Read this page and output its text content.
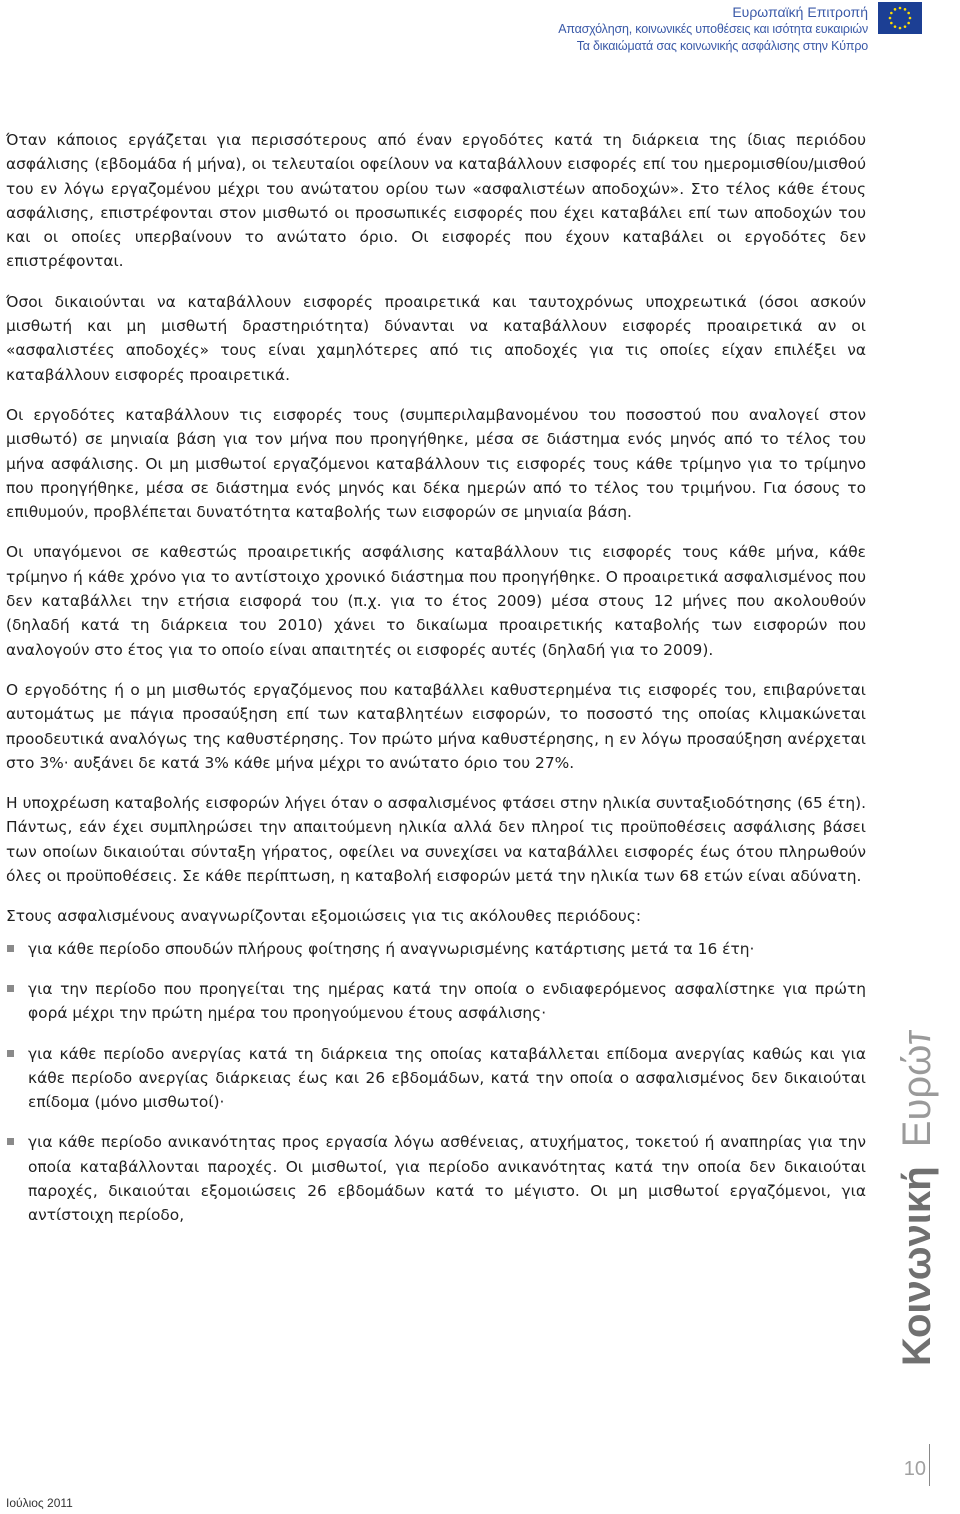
Ευρωπαϊκή Επιτροπή
Απασχόληση, κοινωνικές υποθέσεις και ισότητα ευκαιριών
Τα δικαιώματά σας κοινωνικής ασφάλισης στην Κύπρο

Όταν κάποιος εργάζεται για περισσότερους από έναν εργοδότες κατά τη διάρκεια της ίδιας περιόδου ασφάλισης (εβδομάδα ή μήνα), οι τελευταίοι οφείλουν να καταβάλλουν εισφορές επί του ημερομισθίου/μισθού του εν λόγω εργαζομένου μέχρι του ανώτατου ορίου των «ασφαλιστέων αποδοχών». Στο τέλος κάθε έτους ασφάλισης, επιστρέφονται στον μισθωτό οι προσωπικές εισφορές που έχει καταβάλει επί των αποδοχών του και οι οποίες υπερβαίνουν το ανώτατο όριο. Οι εισφορές που έχουν καταβάλει οι εργοδότες δεν επιστρέφονται.

Όσοι δικαιούνται να καταβάλλουν εισφορές προαιρετικά και ταυτοχρόνως υποχρεωτικά (όσοι ασκούν μισθωτή και μη μισθωτή δραστηριότητα) δύνανται να καταβάλλουν εισφορές προαιρετικά αν οι «ασφαλιστέες αποδοχές» τους είναι χαμηλότερες από τις αποδοχές για τις οποίες είχαν επιλέξει να καταβάλλουν εισφορές προαιρετικά.

Οι εργοδότες καταβάλλουν τις εισφορές τους (συμπεριλαμβανομένου του ποσοστού που αναλογεί στον μισθωτό) σε μηνιαία βάση για τον μήνα που προηγήθηκε, μέσα σε διάστημα ενός μηνός από το τέλος του μήνα ασφάλισης. Οι μη μισθωτοί εργαζόμενοι καταβάλλουν τις εισφορές τους κάθε τρίμηνο για το τρίμηνο που προηγήθηκε, μέσα σε διάστημα ενός μηνός και δέκα ημερών από το τέλος του τριμήνου. Για όσους το επιθυμούν, προβλέπεται δυνατότητα καταβολής των εισφορών σε μηνιαία βάση.

Οι υπαγόμενοι σε καθεστώς προαιρετικής ασφάλισης καταβάλλουν τις εισφορές τους κάθε μήνα, κάθε τρίμηνο ή κάθε χρόνο για το αντίστοιχο χρονικό διάστημα που προηγήθηκε. Ο προαιρετικά ασφαλισμένος που δεν καταβάλλει την ετήσια εισφορά του (π.χ. για το έτος 2009) μέσα στους 12 μήνες που ακολουθούν (δηλαδή κατά τη διάρκεια του 2010) χάνει το δικαίωμα προαιρετικής καταβολής των εισφορών που αναλογούν στο έτος για το οποίο είναι απαιτητές οι εισφορές αυτές (δηλαδή για το 2009).

Ο εργοδότης ή ο μη μισθωτός εργαζόμενος που καταβάλλει καθυστερημένα τις εισφορές του, επιβαρύνεται αυτομάτως με πάγια προσαύξηση επί των καταβλητέων εισφορών, το ποσοστό της οποίας κλιμακώνεται προοδευτικά αναλόγως της καθυστέρησης. Τον πρώτο μήνα καθυστέρησης, η εν λόγω προσαύξηση ανέρχεται στο 3%· αυξάνει δε κατά 3% κάθε μήνα μέχρι το ανώτατο όριο του 27%.

Η υποχρέωση καταβολής εισφορών λήγει όταν ο ασφαλισμένος φτάσει στην ηλικία συνταξιοδότησης (65 έτη). Πάντως, εάν έχει συμπληρώσει την απαιτούμενη ηλικία αλλά δεν πληροί τις προϋποθέσεις ασφάλισης βάσει των οποίων δικαιούται σύνταξη γήρατος, οφείλει να συνεχίσει να καταβάλλει εισφορές έως ότου πληρωθούν όλες οι προϋποθέσεις. Σε κάθε περίπτωση, η καταβολή εισφορών μετά την ηλικία των 68 ετών είναι αδύνατη.

Στους ασφαλισμένους αναγνωρίζονται εξομοιώσεις για τις ακόλουθες περιόδους:

για κάθε περίοδο σπουδών πλήρους φοίτησης ή αναγνωρισμένης κατάρτισης μετά τα 16 έτη·
για την περίοδο που προηγείται της ημέρας κατά την οποία ο ενδιαφερόμενος ασφαλίστηκε για πρώτη φορά μέχρι την πρώτη ημέρα του προηγούμενου έτους ασφάλισης·
για κάθε περίοδο ανεργίας κατά τη διάρκεια της οποίας καταβάλλεται επίδομα ανεργίας καθώς και για κάθε περίοδο ανεργίας διάρκειας έως και 26 εβδομάδων, κατά την οποία ο ασφαλισμένος δεν δικαιούται επίδομα (μόνο μισθωτοί)·
για κάθε περίοδο ανικανότητας προς εργασία λόγω ασθένειας, ατυχήματος, τοκετού ή αναπηρίας για την οποία καταβάλλονται παροχές. Οι μισθωτοί, για περίοδο ανικανότητας κατά την οποία δεν δικαιούται παροχές, δικαιούται εξομοιώσεις 26 εβδομάδων κατά το μέγιστο. Οι μη μισθωτοί εργαζόμενοι, για αντίστοιχη περίοδο,	Κοινωνική Ευρώπη
10
Ιούλιος 2011
